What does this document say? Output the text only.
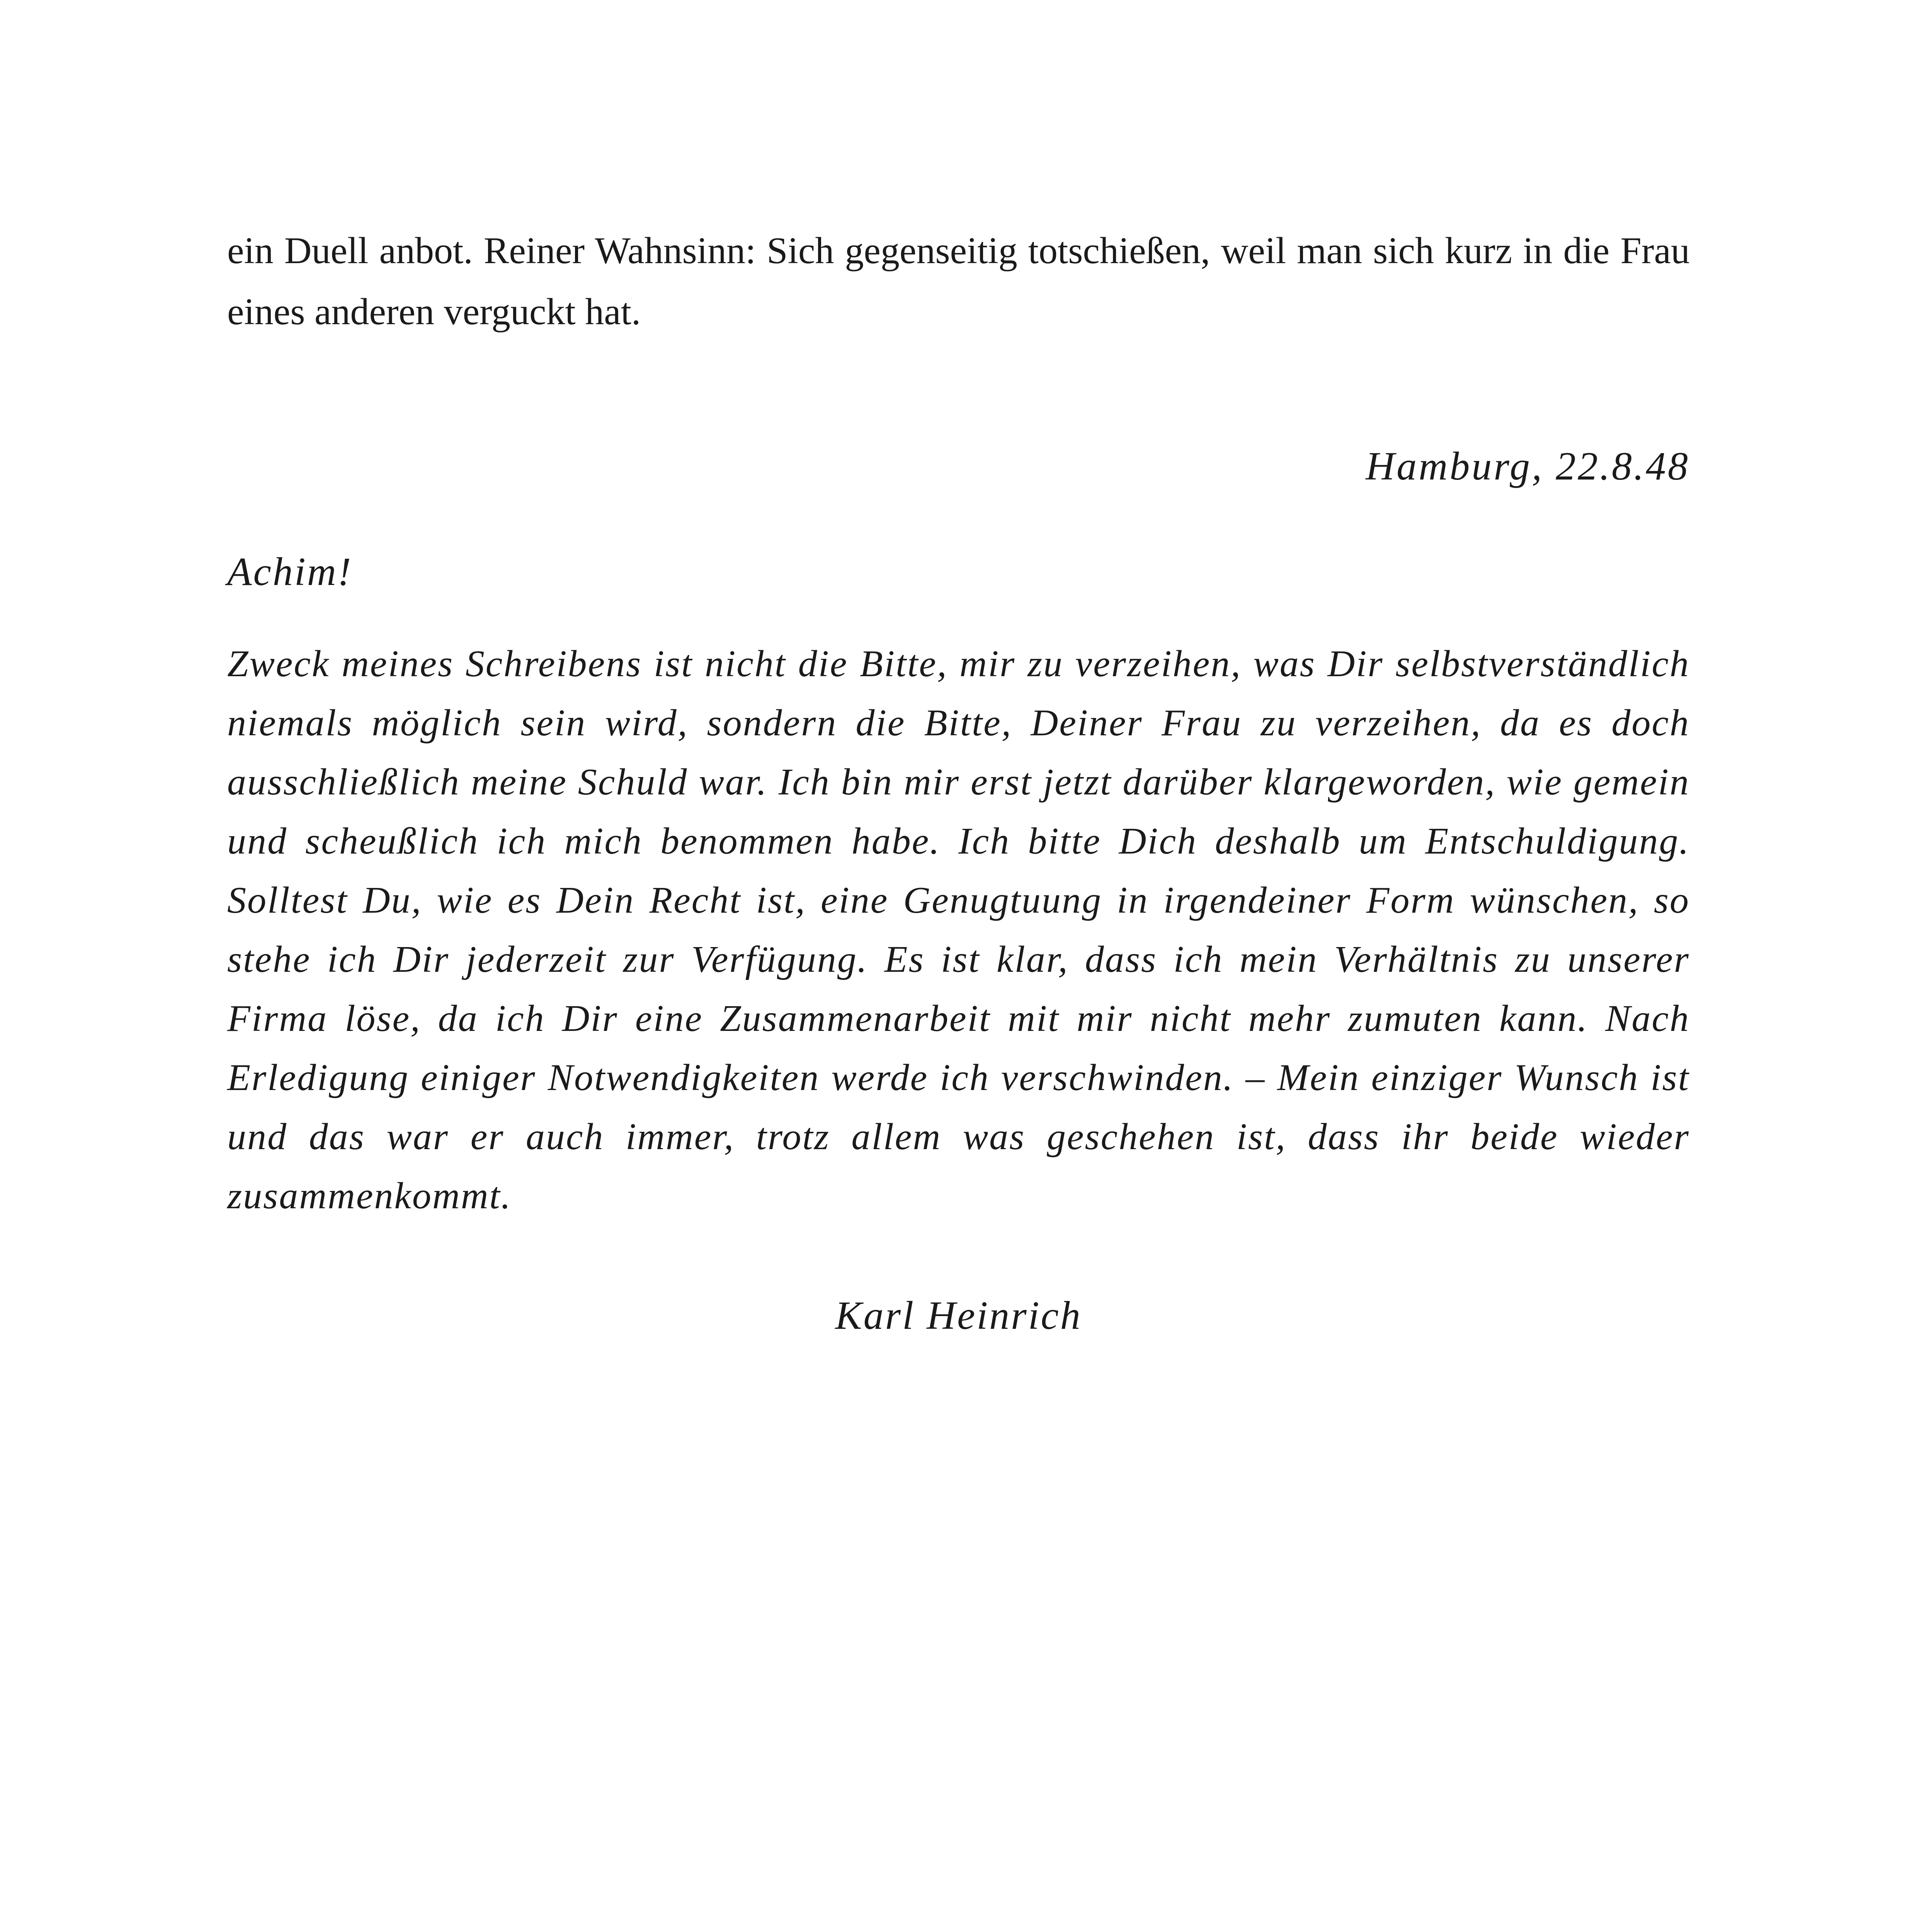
ein Duell anbot. Reiner Wahnsinn: Sich gegenseitig totschießen, weil man sich kurz in die Frau eines anderen verguckt hat.

Hamburg, 22.8.48
Achim!

Zweck meines Schreibens ist nicht die Bitte, mir zu verzeihen, was Dir selbstverständlich niemals möglich sein wird, sondern die Bitte, Deiner Frau zu verzeihen, da es doch ausschließlich meine Schuld war. Ich bin mir erst jetzt darüber klargeworden, wie gemein und scheußlich ich mich benommen habe. Ich bitte Dich deshalb um Entschuldigung. Solltest Du, wie es Dein Recht ist, eine Genugtuung in irgendeiner Form wünschen, so stehe ich Dir jederzeit zur Verfügung. Es ist klar, dass ich mein Verhältnis zu unserer Firma löse, da ich Dir eine Zusammenarbeit mit mir nicht mehr zumuten kann. Nach Erledigung einiger Notwendigkeiten werde ich verschwinden. – Mein einziger Wunsch ist und das war er auch immer, trotz allem was geschehen ist, dass ihr beide wieder zusammenkommt.

Karl Heinrich
